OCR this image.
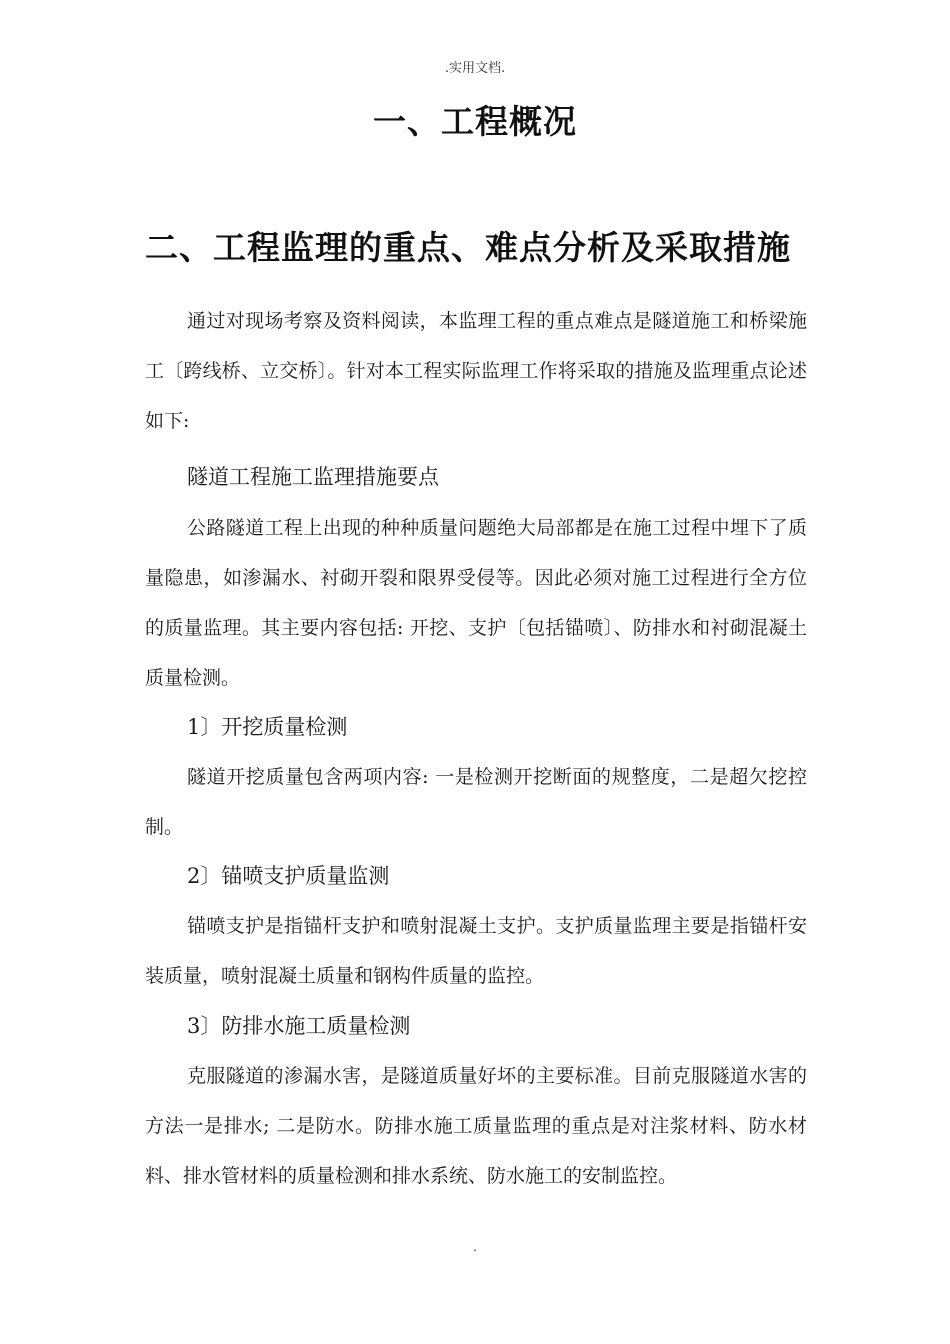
.实用文档.
一、工程概况
二、工程监理的重点、难点分析及采取措施

通过对现场考察及资料阅读，本监理工程的重点难点是隧道施工和桥梁施工〔跨线桥、立交桥〕。针对本工程实际监理工作将采取的措施及监理重点论述如下:

隧道工程施工监理措施要点

公路隧道工程上出现的种种质量问题绝大局部都是在施工过程中埋下了质量隐患，如渗漏水、衬砌开裂和限界受侵等。因此必须对施工过程进行全方位的质量监理。其主要内容包括: 开挖、支护〔包括锚喷〕、防排水和衬砌混凝土质量检测。

1〕开挖质量检测

隧道开挖质量包含两项内容: 一是检测开挖断面的规整度，二是超欠挖控制。

2〕锚喷支护质量监测

锚喷支护是指锚杆支护和喷射混凝土支护。支护质量监理主要是指锚杆安装质量，喷射混凝土质量和钢构件质量的监控。

3〕防排水施工质量检测

克服隧道的渗漏水害，是隧道质量好坏的主要标准。目前克服隧道水害的方法一是排水; 二是防水。防排水施工质量监理的重点是对注浆材料、防水材料、排水管材料的质量检测和排水系统、防水施工的安制监控。

.
